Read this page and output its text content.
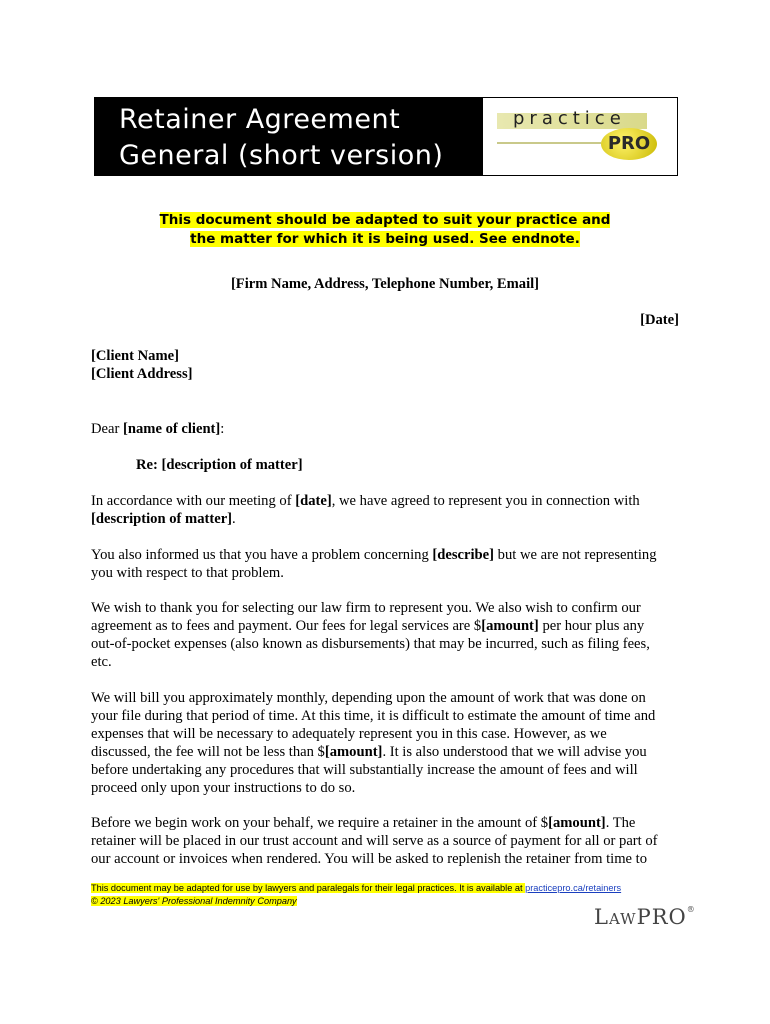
Retainer Agreement
General (short version)
practice
PRO
This document should be adapted to suit your practice and
the matter for which it is being used. See endnote.
[Firm Name, Address, Telephone Number, Email]
[Date]
[Client Name]
[Client Address]
Dear [name of client]:
Re: [description of matter]
In accordance with our meeting of [date], we have agreed to represent you in connection with
[description of matter].
You also informed us that you have a problem concerning [describe] but we are not representing
you with respect to that problem.
We wish to thank you for selecting our law firm to represent you. We also wish to confirm our
agreement as to fees and payment. Our fees for legal services are $[amount] per hour plus any
out-of-pocket expenses (also known as disbursements) that may be incurred, such as filing fees,
etc.
We will bill you approximately monthly, depending upon the amount of work that was done on
your file during that period of time. At this time, it is difficult to estimate the amount of time and
expenses that will be necessary to adequately represent you in this case. However, as we
discussed, the fee will not be less than $[amount]. It is also understood that we will advise you
before undertaking any procedures that will substantially increase the amount of fees and will
proceed only upon your instructions to do so.
Before we begin work on your behalf, we require a retainer in the amount of $[amount]. The
retainer will be placed in our trust account and will serve as a source of payment for all or part of
our account or invoices when rendered. You will be asked to replenish the retainer from time to
This document may be adapted for use by lawyers and paralegals for their legal practices. It is available at practicepro.ca/retainers
© 2023 Lawyers' Professional Indemnity Company
LAWPRO®
